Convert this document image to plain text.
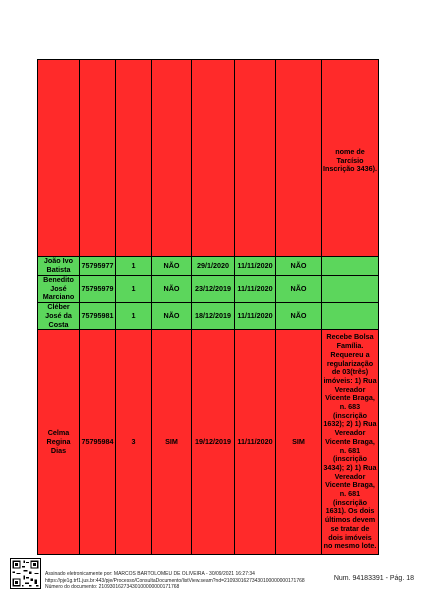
							nome de Tarcísio Inscrição 3436).
João Ivo Batista	75795977	1	NÃO	29/1/2020	11/11/2020	NÃO	
Benedito José Marciano	75795979	1	NÃO	23/12/2019	11/11/2020	NÃO	
Cléber José da Costa	75795981	1	NÃO	18/12/2019	11/11/2020	NÃO	
Celma Regina Dias	75795984	3	SIM	19/12/2019	11/11/2020	SIM	Recebe Bolsa Família. Requereu a regularização de 03(três) imóveis: 1) Rua Vereador Vicente Braga, n. 683 (inscrição 1632); 2) 1) Rua Vereador Vicente Braga, n. 681 (inscrição 3434); 2) 1) Rua Vereador Vicente Braga, n. 681 (inscrição 1631). Os dois últimos devem se tratar de dois imóveis no mesmo lote.
Assinado eletronicamente por: MARCOS BARTOLOMEU DE OLIVEIRA - 30/09/2021 16:27:34
https://pje1g.trf1.jus.br:443/pje/Processo/ConsultaDocumento/listView.seam?nd=21093016273430100000000171768
Número do documento: 21093016273430100000000171768
Num. 94183391 - Pág. 18
